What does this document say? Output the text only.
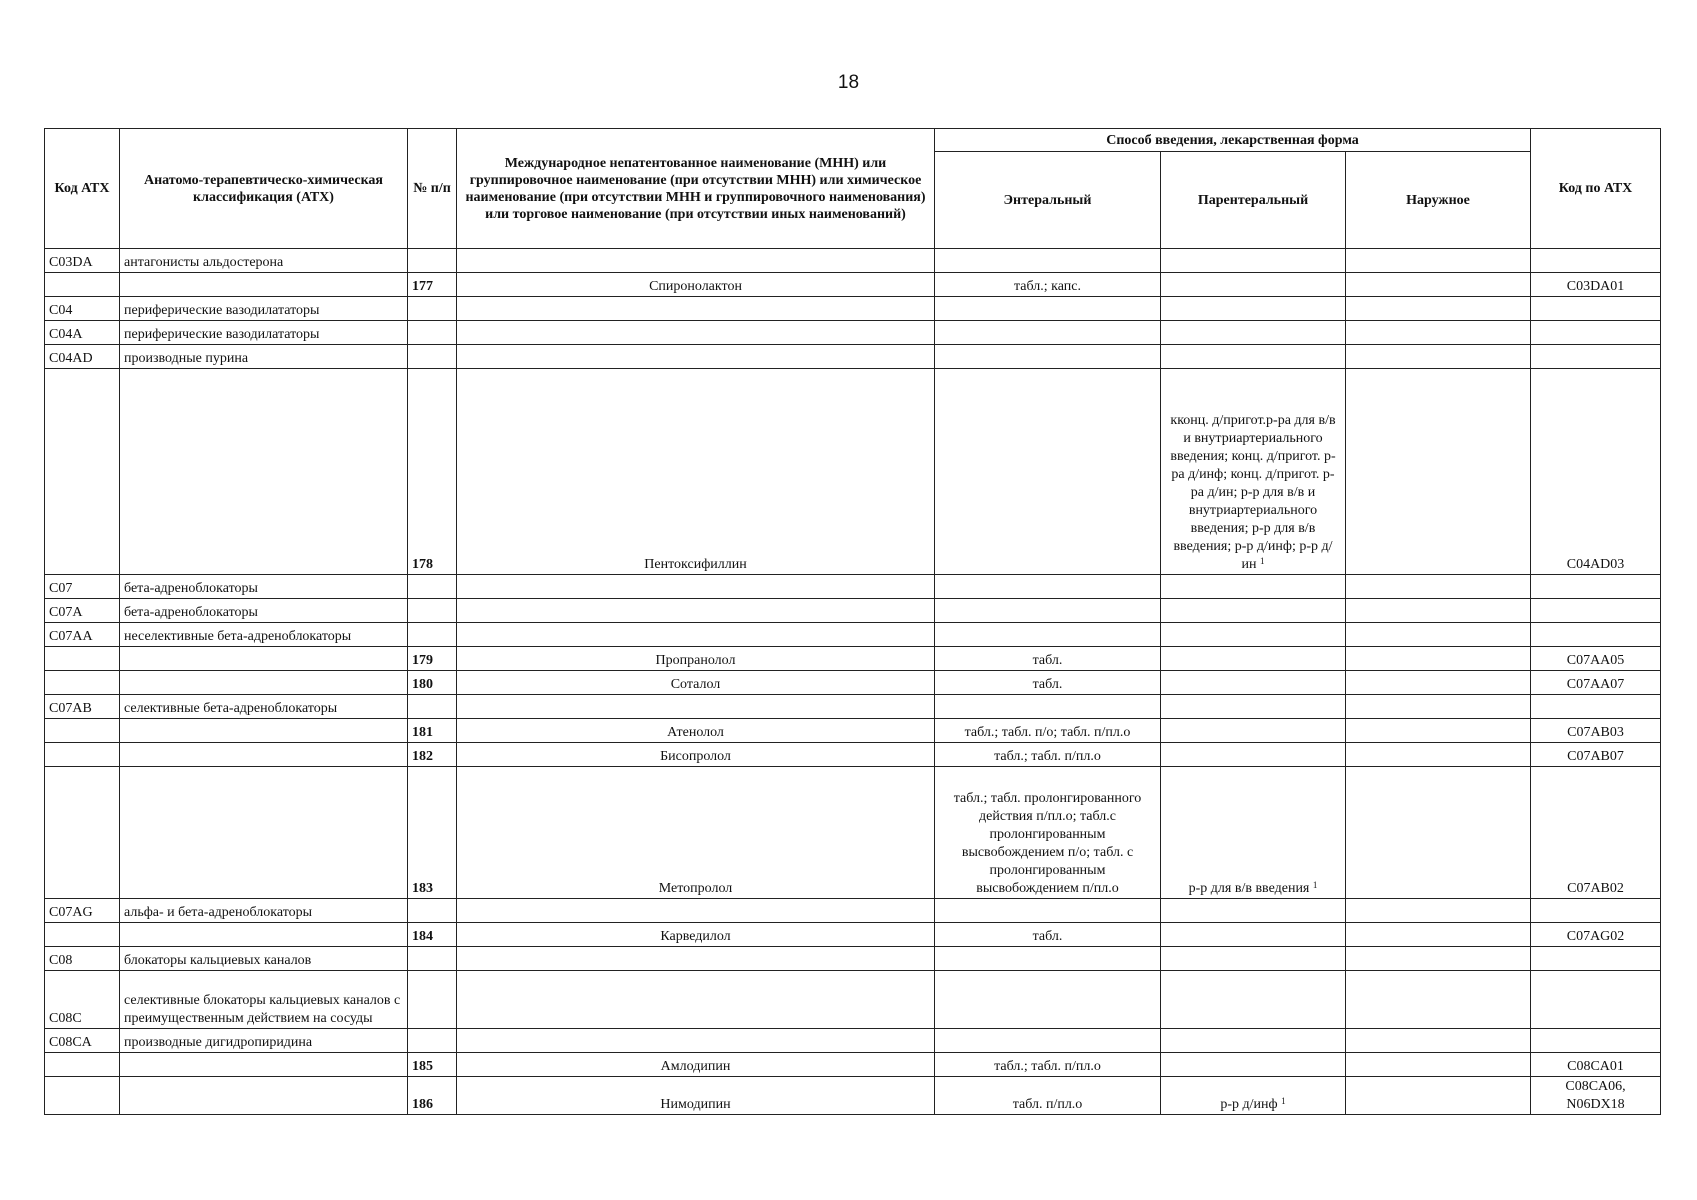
18
Код АТХ	Анатомо-терапевтическо-химическая классификация (АТХ)	№ п/п	Международное непатентованное наименование (МНН) или группировочное наименование (при отсутствии МНН) или химическое наименование (при отсутствии МНН и группировочного наименования) или торговое наименование (при отсутствии иных наименований)	Способ введения, лекарственная форма			Код по АТХ
				Энтеральный	Парентеральный	Наружное	
C03DA	антагонисты альдостерона						
		177	Спиронолактон	табл.; капс.			C03DA01
C04	периферические вазодилататоры						
C04A	периферические вазодилататоры						
C04AD	производные пурина						
		178	Пентоксифиллин		кконц. д/пригот.р-ра для в/в и внутриартериального введения; конц. д/пригот. р-ра д/инф; конц. д/пригот. р-ра д/ин; р-р для в/в и внутриартериального введения; р-р для в/в введения; р-р д/инф; р-р д/ин $^1$		C04AD03
C07	бета-адреноблокаторы						
C07A	бета-адреноблокаторы						
C07AA	неселективные бета-адреноблокаторы						
		179	Пропранолол	табл.			C07AA05
		180	Соталол	табл.			C07AA07
C07AB	селективные бета-адреноблокаторы						
		181	Атенолол	табл.; табл. п/о; табл. п/пл.о			C07AB03
		182	Бисопролол	табл.; табл. п/пл.о			C07AB07
		183	Метопролол	табл.; табл. пролонгированного действия п/пл.о; табл.с пролонгированным высвобождением п/о; табл. с пролонгированным высвобождением п/пл.о	р-р для в/в введения $^1$		C07AB02
C07AG	альфа- и бета-адреноблокаторы						
		184	Карведилол	табл.			C07AG02
C08	блокаторы кальциевых каналов						
C08C	селективные блокаторы кальциевых каналов с преимущественным действием на сосуды						
C08CA	производные дигидропиридина						
		185	Амлодипин	табл.; табл. п/пл.о			C08CA01
		186	Нимодипин	табл. п/пл.о	р-р д/инф $^1$		C08CA06, N06DX18
